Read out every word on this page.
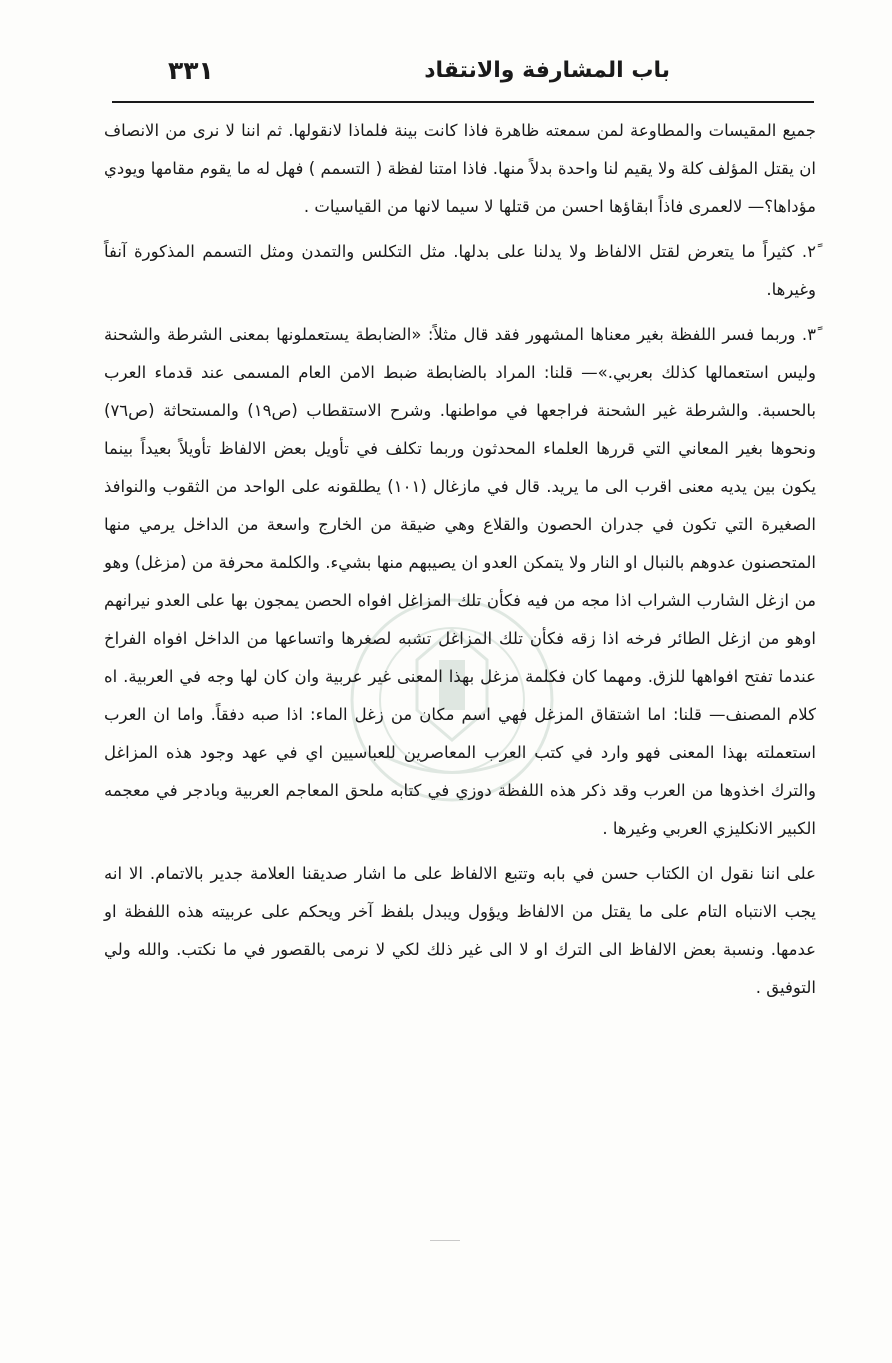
٣٣١	باب المشارفة والانتقاد

جميع المقيسات والمطاوعة لمن سمعته ظاهرة فاذا كانت بينة فلماذا لانقولها. ثم اننا لا نرى من الانصاف ان يقتل المؤلف كلة ولا يقيم لنا واحدة بدلاً منها. فاذا امتنا لفظة ( التسمم ) فهل له ما يقوم مقامها ويودي مؤداها؟— لالعمرى فاذاً ابقاؤها احسن من قتلها لا سيما لانها من القياسيات .

٢ً. كثيراً ما يتعرض لقتل الالفاظ ولا يدلنا على بدلها. مثل التكلس والتمدن ومثل التسمم المذكورة آنفاً وغيرها.

٣ً. وربما فسر اللفظة بغير معناها المشهور فقد قال مثلاً: «الضابطة يستعملونها بمعنى الشرطة والشحنة وليس استعمالها كذلك بعربي.»— قلنا: المراد بالضابطة ضبط الامن العام المسمى عند قدماء العرب بالحسبة. والشرطة غير الشحنة فراجعها في مواطنها. وشرح الاستقطاب (ص١٩) والمستحاثة (ص٧٦) ونحوها بغير المعاني التي قررها العلماء المحدثون وربما تكلف في تأويل بعض الالفاظ تأويلاً بعيداً بينما يكون بين يديه معنى اقرب الى ما يريد. قال في مازغال (١٠١) يطلقونه على الواحد من الثقوب والنوافذ الصغيرة التي تكون في جدران الحصون والقلاع وهي ضيقة من الخارج واسعة من الداخل يرمي منها المتحصنون عدوهم بالنبال او النار ولا يتمكن العدو ان يصيبهم منها بشيء. والكلمة محرفة من (مزغل) وهو من ازغل الشارب الشراب اذا مجه من فيه فكأن تلك المزاغل افواه الحصن يمجون بها على العدو نيرانهم اوهو من ازغل الطائر فرخه اذا زقه فكأن تلك المزاغل تشبه لصغرها واتساعها من الداخل افواه الفراخ عندما تفتح افواهها للزق. ومهما كان فكلمة مزغل بهذا المعنى غير عربية وان كان لها وجه في العربية. اه كلام المصنف— قلنا: اما اشتقاق المزغل فهي اسم مكان من زغل الماء: اذا صبه دفقاً. واما ان العرب استعملته بهذا المعنى فهو وارد في كتب العرب المعاصرين للعباسيين اي في عهد وجود هذه المزاغل والترك اخذوها من العرب وقد ذكر هذه اللفظة دوزي في كتابه ملحق المعاجم العربية وبادجر في معجمه الكبير الانكليزي العربي وغيرها .

على اننا نقول ان الكتاب حسن في بابه وتتبع الالفاظ على ما اشار صديقنا العلامة جدير بالاتمام. الا انه يجب الانتباه التام على ما يقتل من الالفاظ ويؤول ويبدل بلفظ آخر ويحكم على عربيته هذه اللفظة او عدمها. ونسبة بعض الالفاظ الى الترك او لا الى غير ذلك لكي لا نرمى بالقصور في ما نكتب. والله ولي التوفيق .
